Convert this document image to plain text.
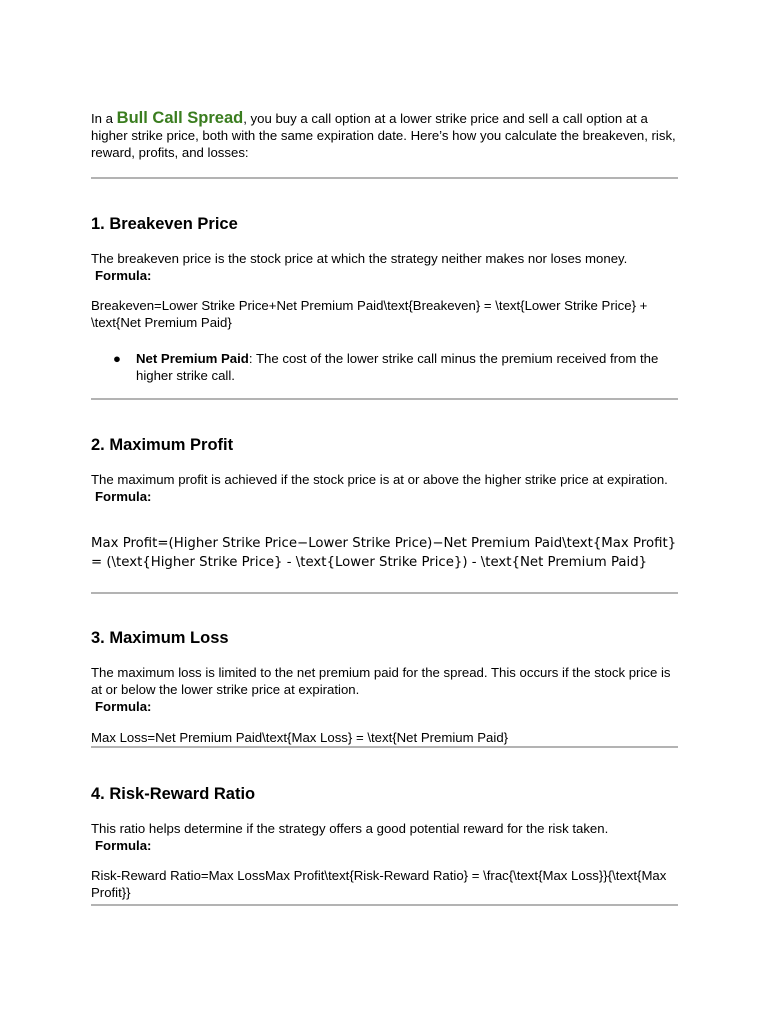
In a Bull Call Spread, you buy a call option at a lower strike price and sell a call option at a higher strike price, both with the same expiration date. Here’s how you calculate the breakeven, risk, reward, profits, and losses:

1. Breakeven Price

The breakeven price is the stock price at which the strategy neither makes nor loses money.

Formula:

Breakeven=Lower Strike Price+Net Premium Paid\text{Breakeven} = \text{Lower Strike Price} + \text{Net Premium Paid}

● Net Premium Paid: The cost of the lower strike call minus the premium received from the higher strike call.
2. Maximum Profit

The maximum profit is achieved if the stock price is at or above the higher strike price at expiration.

Formula:

Max Profit=(Higher Strike Price−Lower Strike Price)−Net Premium Paid\text{Max Profit} = (\text{Higher Strike Price} - \text{Lower Strike Price}) - \text{Net Premium Paid}

3. Maximum Loss

The maximum loss is limited to the net premium paid for the spread. This occurs if the stock price is at or below the lower strike price at expiration.

Formula:

Max Loss=Net Premium Paid\text{Max Loss} = \text{Net Premium Paid}

4. Risk-Reward Ratio

This ratio helps determine if the strategy offers a good potential reward for the risk taken.

Formula:

Risk-Reward Ratio=Max LossMax Profit\text{Risk-Reward Ratio} = \frac{\text{Max Loss}}{\text{Max Profit}}
